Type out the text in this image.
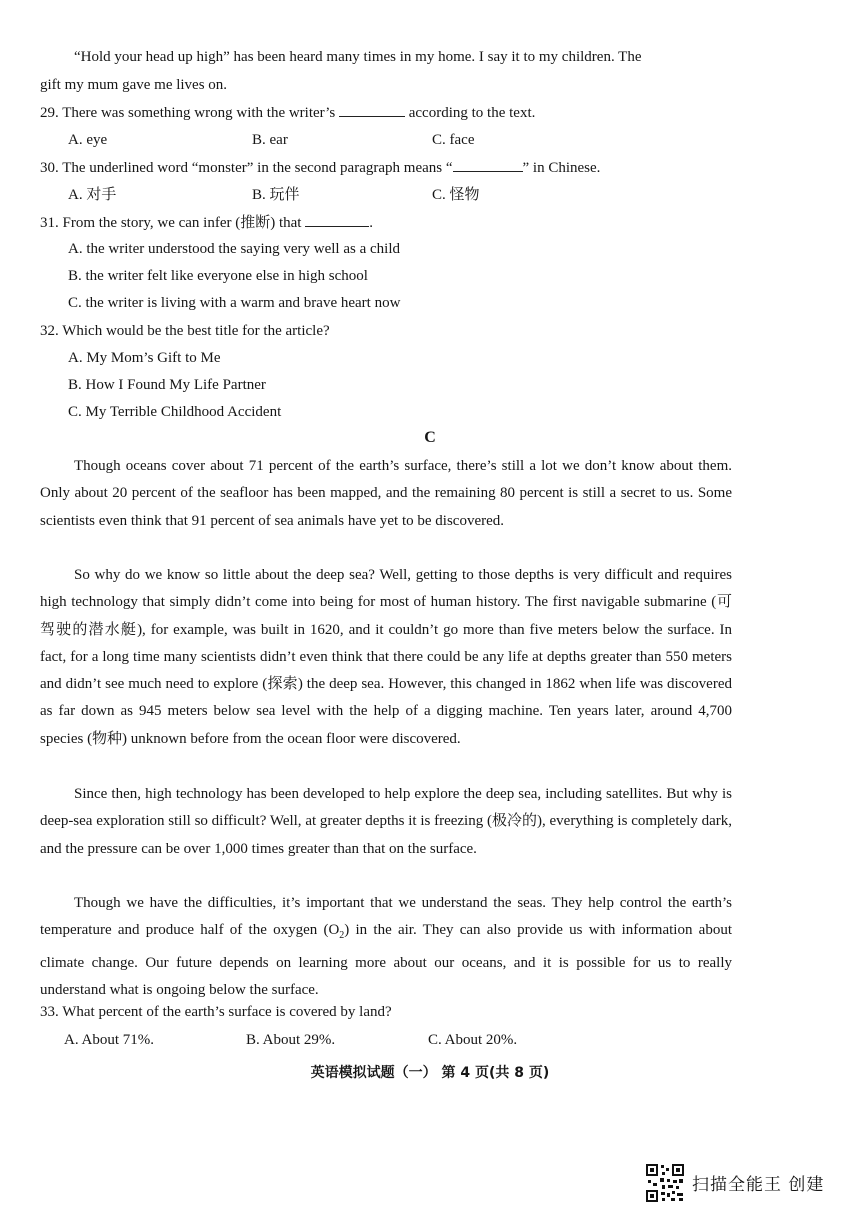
“Hold your head up high” has been heard many times in my home. I say it to my children. The
gift my mum gave me lives on.
29. There was something wrong with the writer’s	according to the text.
A. eye	B. ear	C. face
30. The underlined word “monster” in the second paragraph means “	” in Chinese.
A. 对手	B. 玩伴	C. 怪物
31. From the story, we can infer (推断) that	.
A. the writer understood the saying very well as a child
B. the writer felt like everyone else in high school
C. the writer is living with a warm and brave heart now
32. Which would be the best title for the article?
A. My Mom’s Gift to Me
B. How I Found My Life Partner
C. My Terrible Childhood Accident
C
Though oceans cover about 71 percent of the earth’s surface, there’s still a lot we don’t know about them. Only about 20 percent of the seafloor has been mapped, and the remaining 80 percent is still a secret to us. Some scientists even think that 91 percent of sea animals have yet to be discovered.
So why do we know so little about the deep sea? Well, getting to those depths is very difficult and requires high technology that simply didn’t come into being for most of human history. The first navigable submarine (可驾驶的潜水艇), for example, was built in 1620, and it couldn’t go more than five meters below the surface. In fact, for a long time many scientists didn’t even think that there could be any life at depths greater than 550 meters and didn’t see much need to explore (探索) the deep sea. However, this changed in 1862 when life was discovered as far down as 945 meters below sea level with the help of a digging machine. Ten years later, around 4,700 species (物种) unknown before from the ocean floor were discovered.
Since then, high technology has been developed to help explore the deep sea, including satellites. But why is deep-sea exploration still so difficult? Well, at greater depths it is freezing (极冷的), everything is completely dark, and the pressure can be over 1,000 times greater than that on the surface.
Though we have the difficulties, it’s important that we understand the seas. They help control the earth’s temperature and produce half of the oxygen $(O_2)$ in the air. They can also provide us with information about climate change. Our future depends on learning more about our oceans, and it is possible for us to really understand what is ongoing below the surface.
33. What percent of the earth’s surface is covered by land?
A. About 71%.	B. About 29%.	C. About 20%.
英语模拟试题（一） 第 4 页(共 8 页)
扫描全能王 创建
